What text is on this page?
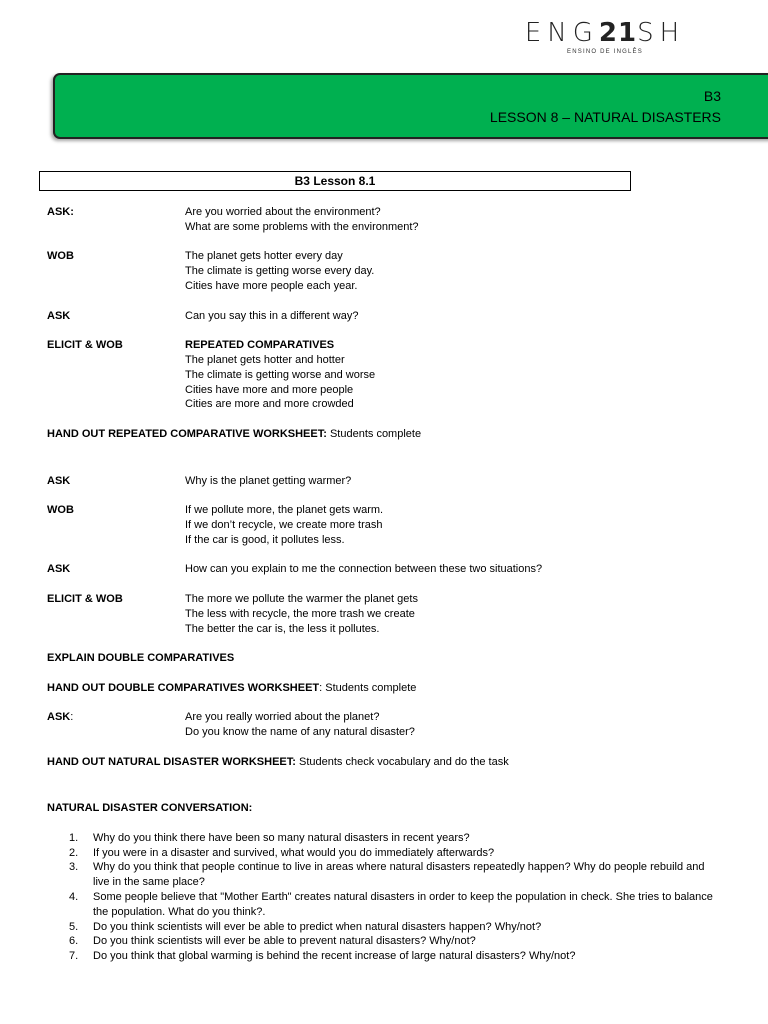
ENG21SH
ENSINO DE INGLÊS
B3
LESSON 8 – NATURAL DISASTERS
B3 Lesson 8.1
ASK:	Are you worried about the environment?
What are some problems with the environment?
WOB	The planet gets hotter every day
The climate is getting worse every day.
Cities have more people each year.
ASK	Can you say this in a different way?
ELICIT & WOB	REPEATED COMPARATIVES
The planet gets hotter and hotter
The climate is getting worse and worse
Cities have more and more people
Cities are more and more crowded
HAND OUT REPEATED COMPARATIVE WORKSHEET: Students complete
ASK	Why is the planet getting warmer?
WOB	If we pollute more, the planet gets warm.
If we don’t recycle, we create more trash
If the car is good, it pollutes less.
ASK	How can you explain to me the connection between these two situations?
ELICIT & WOB	The more we pollute the warmer the planet gets
The less with recycle, the more trash we create
The better the car is, the less it pollutes.
EXPLAIN DOUBLE COMPARATIVES
HAND OUT DOUBLE COMPARATIVES WORKSHEET: Students complete
ASK:	Are you really worried about the planet?
Do you know the name of any natural disaster?
HAND OUT NATURAL DISASTER WORKSHEET: Students check vocabulary and do the task
NATURAL DISASTER CONVERSATION:
1.	Why do you think there have been so many natural disasters in recent years?
2.	If you were in a disaster and survived, what would you do immediately afterwards?
3.	Why do you think that people continue to live in areas where natural disasters repeatedly happen? Why do people rebuild and live in the same place?
4.	Some people believe that "Mother Earth" creates natural disasters in order to keep the population in check. She tries to balance the population. What do you think?.
5.	Do you think scientists will ever be able to predict when natural disasters happen? Why/not?
6.	Do you think scientists will ever be able to prevent natural disasters? Why/not?
7.	Do you think that global warming is behind the recent increase of large natural disasters? Why/not?
